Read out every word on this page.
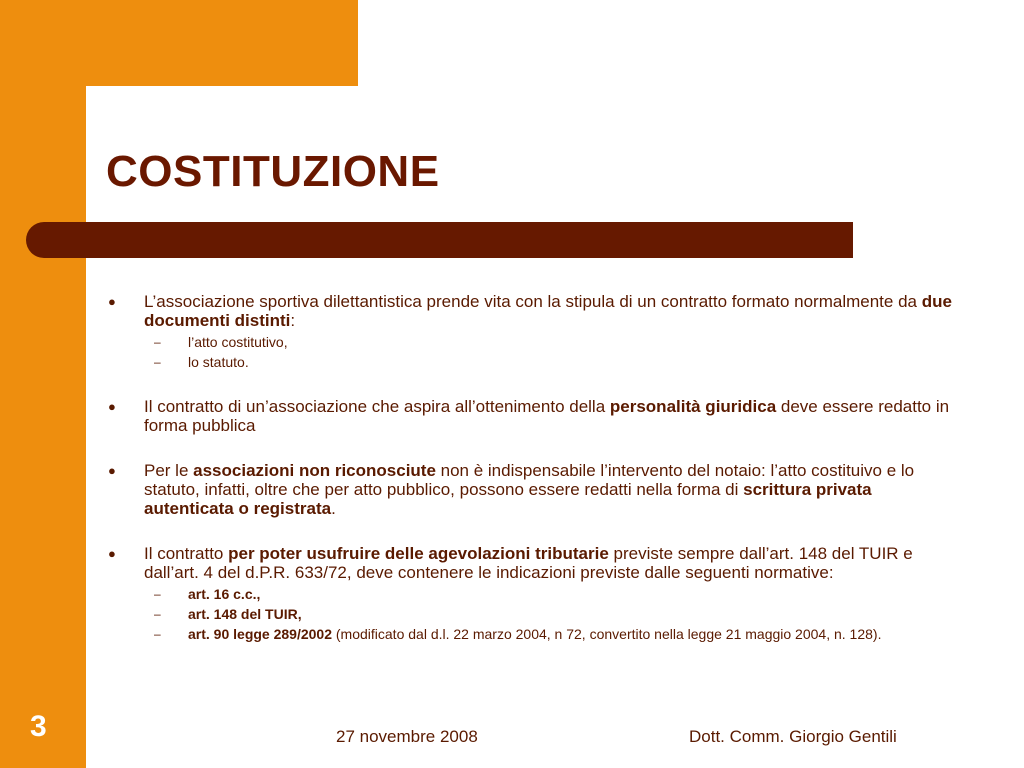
COSTITUZIONE
● L’associazione sportiva dilettantistica prende vita con la stipula di un contratto formato normalmente da due documenti distinti:
– l’atto costitutivo,
– lo statuto.
● Il contratto di un’associazione che aspira all’ottenimento della personalità giuridica deve essere redatto in forma pubblica
● Per le associazioni non riconosciute non è indispensabile l’intervento del notaio: l’atto costituivo e lo statuto, infatti, oltre che per atto pubblico, possono essere redatti nella forma di scrittura privata autenticata o registrata.
● Il contratto per poter usufruire delle agevolazioni tributarie previste sempre dall’art. 148 del TUIR e dall’art. 4 del d.P.R. 633/72, deve contenere le indicazioni previste dalle seguenti normative:
– art. 16 c.c.,
– art. 148 del TUIR,
– art. 90 legge 289/2002 (modificato dal d.l. 22 marzo 2004, n 72, convertito nella legge 21 maggio 2004, n. 128).
3	27 novembre 2008	Dott. Comm. Giorgio Gentili
